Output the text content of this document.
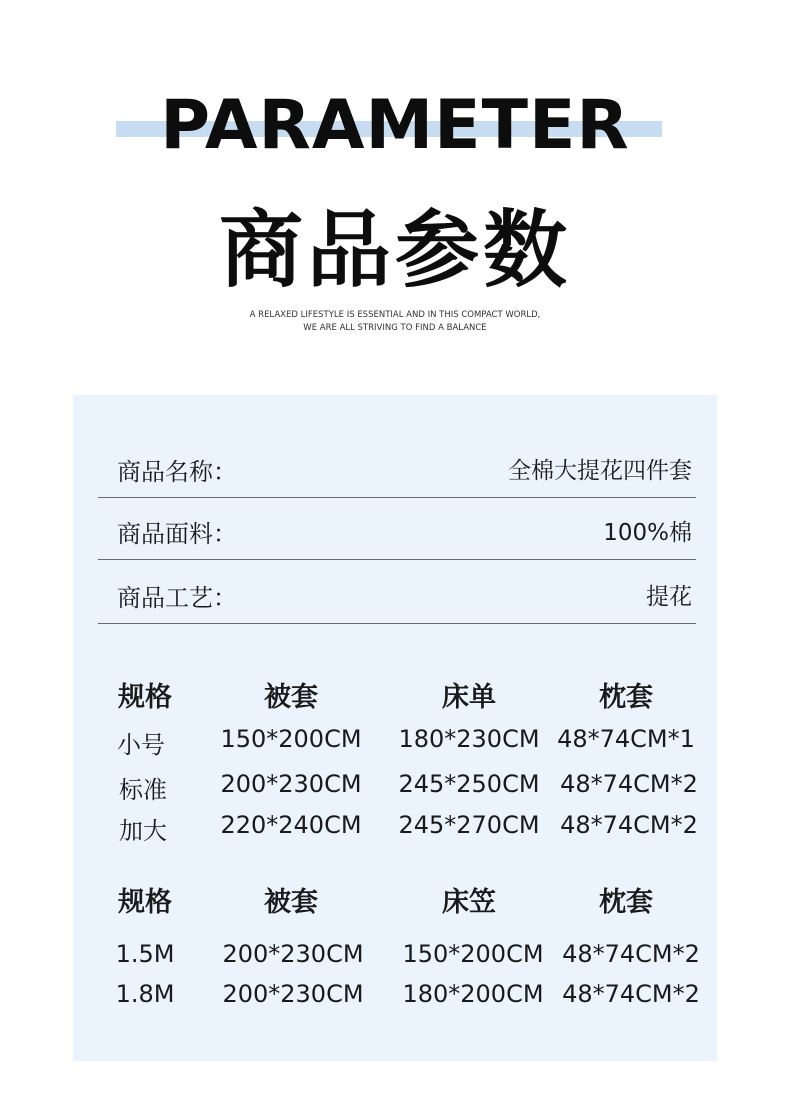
PARAMETER
商品参数
A RELAXED LIFESTYLE IS ESSENTIAL AND IN THIS COMPACT WORLD,
WE ARE ALL STRIVING TO FIND A BALANCE
商品名称：	全棉大提花四件套
商品面料：	100%棉
商品工艺：	提花
规格	被套	床单	枕套
小号 150*200CM 180*230CM 48*74CM*1
标准 200*230CM 245*250CM 48*74CM*2
加大 220*240CM 245*270CM 48*74CM*2
规格	被套	床笠	枕套
1.5M 200*230CM 150*200CM 48*74CM*2
1.8M 200*230CM 180*200CM 48*74CM*2
